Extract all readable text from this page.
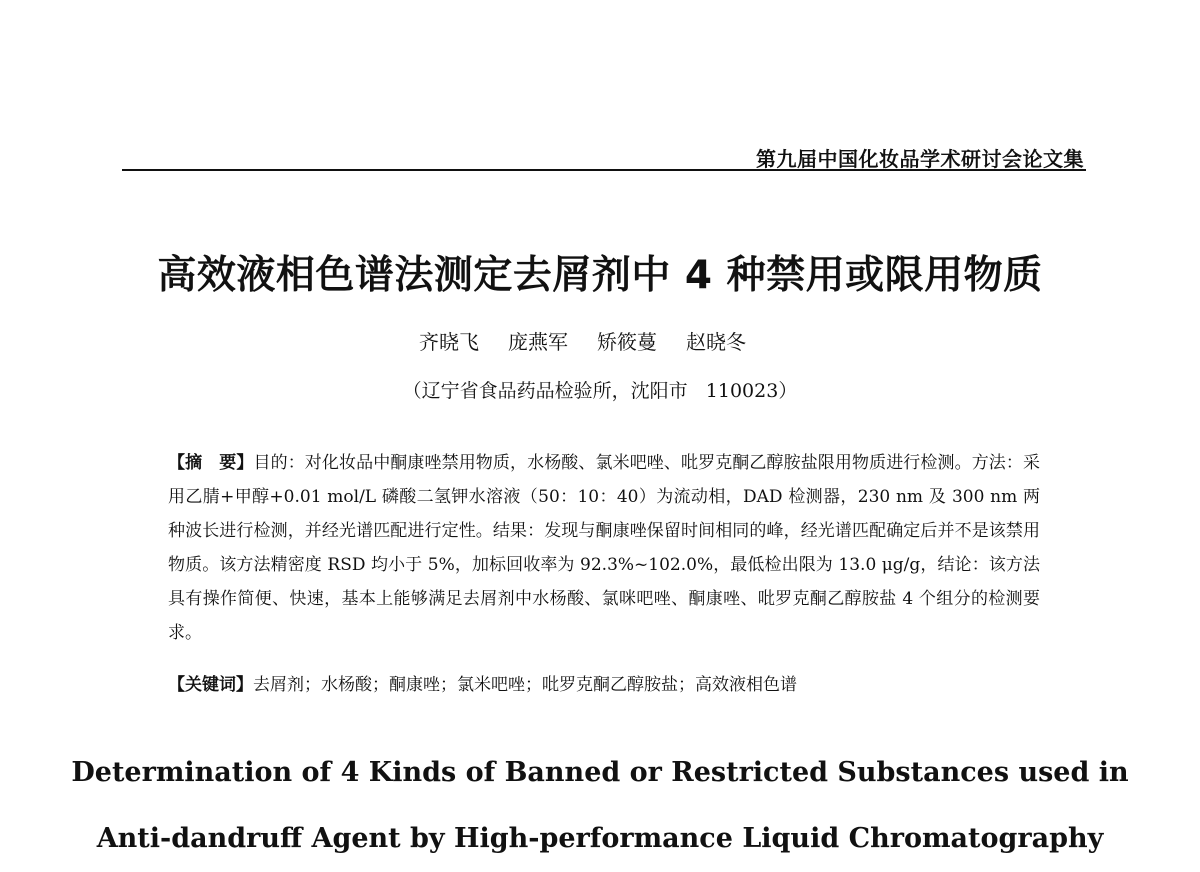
第九届中国化妆品学术研讨会论文集
高效液相色谱法测定去屑剂中 4 种禁用或限用物质
齐晓飞 庞燕军 矫筱蔓 赵晓冬
（辽宁省食品药品检验所，沈阳市   110023）

【摘　要】目的：对化妆品中酮康唑禁用物质，水杨酸、氯米吧唑、吡罗克酮乙醇胺盐限用物质进行检测。方法：采用乙腈+甲醇+0.01 mol/L 磷酸二氢钾水溶液（50：10：40）为流动相，DAD 检测器，230 nm 及 300 nm 两种波长进行检测，并经光谱匹配进行定性。结果：发现与酮康唑保留时间相同的峰，经光谱匹配确定后并不是该禁用物质。该方法精密度 RSD 均小于 5%，加标回收率为 92.3%~102.0%，最低检出限为 13.0 μg/g，结论：该方法具有操作简便、快速，基本上能够满足去屑剂中水杨酸、氯咪吧唑、酮康唑、吡罗克酮乙醇胺盐 4 个组分的检测要求。

【关键词】去屑剂；水杨酸；酮康唑；氯米吧唑；吡罗克酮乙醇胺盐；高效液相色谱
Determination of 4 Kinds of Banned or Restricted Substances used in
Anti-dandruff Agent by High-performance Liquid Chromatography
